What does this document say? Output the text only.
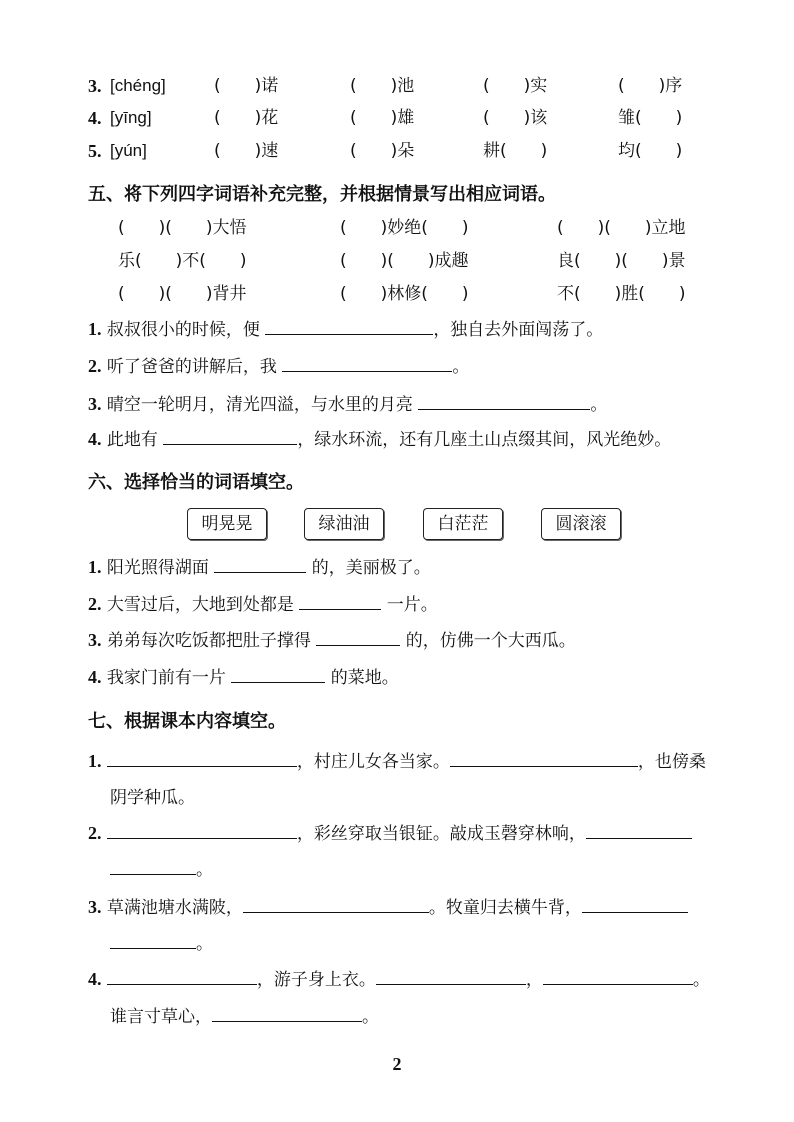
3. [chéng]	(　　)诺	(　　)池	(　　)实	(　　)序
4. [yīng]	(　　)花	(　　)雄	(　　)该	雏(　　)
5. [yún]	(　　)速	(　　)朵	耕(　　)	均(　　)
五、将下列四字词语补充完整，并根据情景写出相应词语。
(　　)(　　)大悟	(　　)妙绝(　　)	(　　)(　　)立地
乐(　　)不(　　)	(　　)(　　)成趣	良(　　)(　　)景
(　　)(　　)背井	(　　)林修(　　)	不(　　)胜(　　)
1. 叔叔很小的时候，便	，独自去外面闯荡了。
2. 听了爸爸的讲解后，我	。
3. 晴空一轮明月，清光四溢，与水里的月亮	。
4. 此地有	，绿水环流，还有几座土山点缀其间，风光绝妙。
六、选择恰当的词语填空。
明晃晃	绿油油	白茫茫	圆滚滚
1. 阳光照得湖面	的，美丽极了。
2. 大雪过后，大地到处都是	一片。
3. 弟弟每次吃饭都把肚子撑得	的，仿佛一个大西瓜。
4. 我家门前有一片	的菜地。
七、根据课本内容填空。
1.	，村庄儿女各当家。	，也傍桑
阴学种瓜。
2.	，彩丝穿取当银钲。敲成玉磬穿林响，
。
3. 草满池塘水满陂，	。牧童归去横牛背，
。
4.	，游子身上衣。	，	。
谁言寸草心，	。
2
